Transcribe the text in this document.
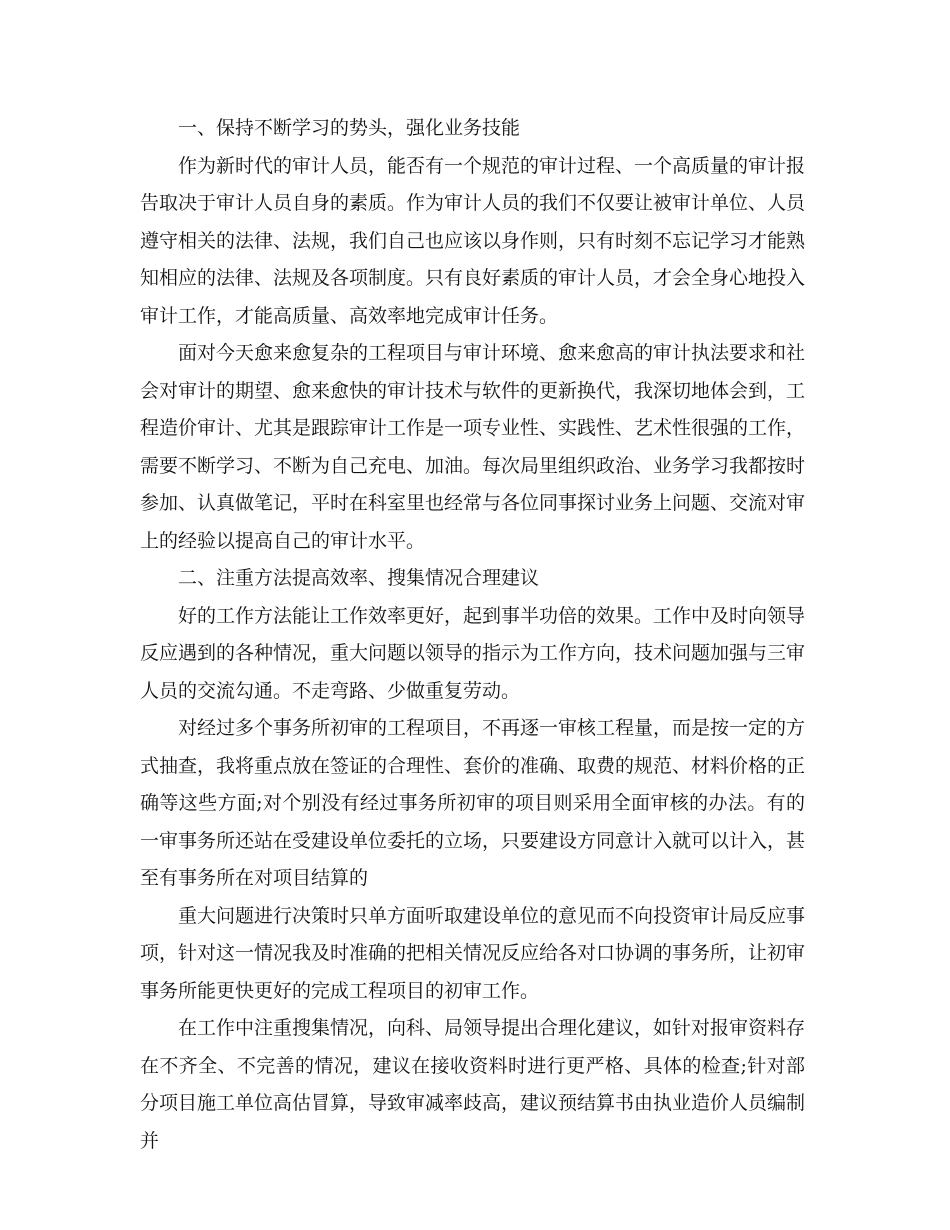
一、保持不断学习的势头，强化业务技能

作为新时代的审计人员，能否有一个规范的审计过程、一个高质量的审计报告取决于审计人员自身的素质。作为审计人员的我们不仅要让被审计单位、人员遵守相关的法律、法规，我们自己也应该以身作则，只有时刻不忘记学习才能熟知相应的法律、法规及各项制度。只有良好素质的审计人员，才会全身心地投入审计工作，才能高质量、高效率地完成审计任务。

面对今天愈来愈复杂的工程项目与审计环境、愈来愈高的审计执法要求和社会对审计的期望、愈来愈快的审计技术与软件的更新换代，我深切地体会到，工程造价审计、尤其是跟踪审计工作是一项专业性、实践性、艺术性很强的工作，需要不断学习、不断为自己充电、加油。每次局里组织政治、业务学习我都按时参加、认真做笔记，平时在科室里也经常与各位同事探讨业务上问题、交流对审上的经验以提高自己的审计水平。

二、注重方法提高效率、搜集情况合理建议

好的工作方法能让工作效率更好，起到事半功倍的效果。工作中及时向领导反应遇到的各种情况，重大问题以领导的指示为工作方向，技术问题加强与三审人员的交流勾通。不走弯路、少做重复劳动。

对经过多个事务所初审的工程项目，不再逐一审核工程量，而是按一定的方式抽查，我将重点放在签证的合理性、套价的准确、取费的规范、材料价格的正确等这些方面;对个别没有经过事务所初审的项目则采用全面审核的办法。有的一审事务所还站在受建设单位委托的立场，只要建设方同意计入就可以计入，甚至有事务所在对项目结算的

重大问题进行决策时只单方面听取建设单位的意见而不向投资审计局反应事项，针对这一情况我及时准确的把相关情况反应给各对口协调的事务所，让初审事务所能更快更好的完成工程项目的初审工作。

在工作中注重搜集情况，向科、局领导提出合理化建议，如针对报审资料存在不齐全、不完善的情况，建议在接收资料时进行更严格、具体的检查;针对部分项目施工单位高估冒算，导致审减率歧高，建议预结算书由执业造价人员编制并
